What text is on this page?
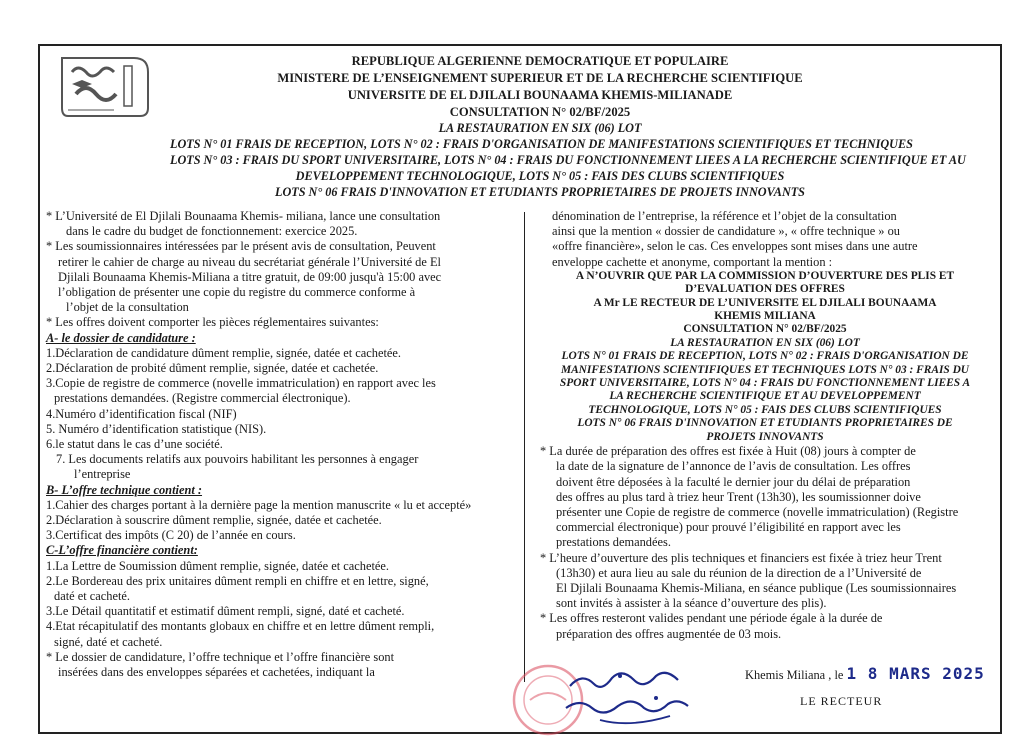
REPUBLIQUE ALGERIENNE DEMOCRATIQUE ET POPULAIRE
MINISTERE DE L’ENSEIGNEMENT SUPERIEUR ET DE LA RECHERCHE SCIENTIFIQUE
UNIVERSITE DE EL DJILALI BOUNAAMA KHEMIS-MILIANADE
CONSULTATION N° 02/BF/2025
LA RESTAURATION EN SIX (06) LOT
LOTS N° 01 FRAIS DE RECEPTION, LOTS N° 02 : FRAIS D'ORGANISATION DE MANIFESTATIONS SCIENTIFIQUES ET TECHNIQUES
LOTS N° 03 : FRAIS DU SPORT UNIVERSITAIRE, LOTS N° 04 : FRAIS DU FONCTIONNEMENT LIEES A LA RECHERCHE SCIENTIFIQUE ET AU
DEVELOPPEMENT TECHNOLOGIQUE, LOTS N° 05 : FAIS DES CLUBS SCIENTIFIQUES
LOTS N° 06 FRAIS D'INNOVATION ET ETUDIANTS PROPRIETAIRES DE PROJETS INNOVANTS

* L’Université de El Djilali Bounaama Khemis- miliana, lance une consultation

dans le cadre du budget de fonctionnement: exercice 2025.

* Les soumissionnaires intéressées par le présent avis de consultation, Peuvent

retirer le cahier de charge au niveau du secrétariat générale l’Université de El

Djilali Bounaama Khemis-Miliana a titre gratuit, de 09:00 jusqu'à 15:00 avec

l’obligation de présenter une copie du registre du commerce conforme à

l’objet de la consultation

* Les offres doivent comporter les pièces réglementaires suivantes:

A- le dossier de candidature :

1.Déclaration de candidature dûment remplie, signée, datée et cachetée.

2.Déclaration de probité dûment remplie, signée, datée et cachetée.

3.Copie de registre de commerce (novelle immatriculation) en rapport avec les

prestations demandées. (Registre commercial électronique).

4.Numéro d’identification fiscal (NIF)

5. Numéro d’identification statistique (NIS).

6.le statut dans le cas d’une société.

7. Les documents relatifs aux pouvoirs habilitant les personnes à engager

l’entreprise

B- L’offre technique contient :

1.Cahier des charges portant à la dernière page la mention manuscrite « lu et accepté»

2.Déclaration à souscrire dûment remplie, signée, datée et cachetée.

3.Certificat des impôts (C 20) de l’année en cours.

C-L’offre financière contient:

1.La Lettre de Soumission dûment remplie, signée, datée et cachetée.

2.Le Bordereau des prix unitaires dûment rempli en chiffre et en lettre, signé,

daté et cacheté.

3.Le Détail quantitatif et estimatif dûment rempli, signé, daté et cacheté.

4.Etat récapitulatif des montants globaux en chiffre et en lettre dûment rempli,

signé, daté et cacheté.

* Le dossier de candidature, l’offre technique et l’offre financière sont

insérées dans des enveloppes séparées et cachetées, indiquant la

dénomination de l’entreprise, la référence et l’objet de la consultation

ainsi que la mention « dossier de candidature », « offre technique » ou

«offre financière», selon le cas. Ces enveloppes sont mises dans une autre

enveloppe cachette et anonyme, comportant la mention :

A N’OUVRIR QUE PAR LA COMMISSION D’OUVERTURE DES PLIS ET

D’EVALUATION DES OFFRES

A Mr LE RECTEUR DE L’UNIVERSITE EL DJILALI BOUNAAMA

KHEMIS MILIANA

CONSULTATION N° 02/BF/2025

LA RESTAURATION EN SIX (06) LOT

LOTS N° 01 FRAIS DE RECEPTION, LOTS N° 02 : FRAIS D'ORGANISATION DE

MANIFESTATIONS SCIENTIFIQUES ET TECHNIQUES LOTS N° 03 : FRAIS DU

SPORT UNIVERSITAIRE, LOTS N° 04 : FRAIS DU FONCTIONNEMENT LIEES A

LA RECHERCHE SCIENTIFIQUE ET AU DEVELOPPEMENT

TECHNOLOGIQUE, LOTS N° 05 : FAIS DES CLUBS SCIENTIFIQUES

LOTS N° 06 FRAIS D'INNOVATION ET ETUDIANTS PROPRIETAIRES DE

PROJETS INNOVANTS

* La durée de préparation des offres est fixée à Huit (08) jours à compter de

la date de la signature de l’annonce de l’avis de consultation. Les offres

doivent être déposées à la faculté le dernier jour du délai de préparation

des offres au plus tard à triez heur Trent (13h30), les soumissionner doive

présenter une Copie de registre de commerce (novelle immatriculation) (Registre

commercial électronique) pour prouvé l’éligibilité en rapport avec les

prestations demandées.

* L’heure d’ouverture des plis techniques et financiers est fixée à triez heur Trent

(13h30) et aura lieu au sale du réunion de la direction de a l’Université de

El Djilali Bounaama Khemis-Miliana, en séance publique (Les soumissionnaires

sont invités à assister à la séance d’ouverture des plis).

* Les offres resteront valides pendant une période égale à la durée de

préparation des offres augmentée de 03 mois.

Khemis Miliana , le 1 8 MARS 2025
LE RECTEUR
